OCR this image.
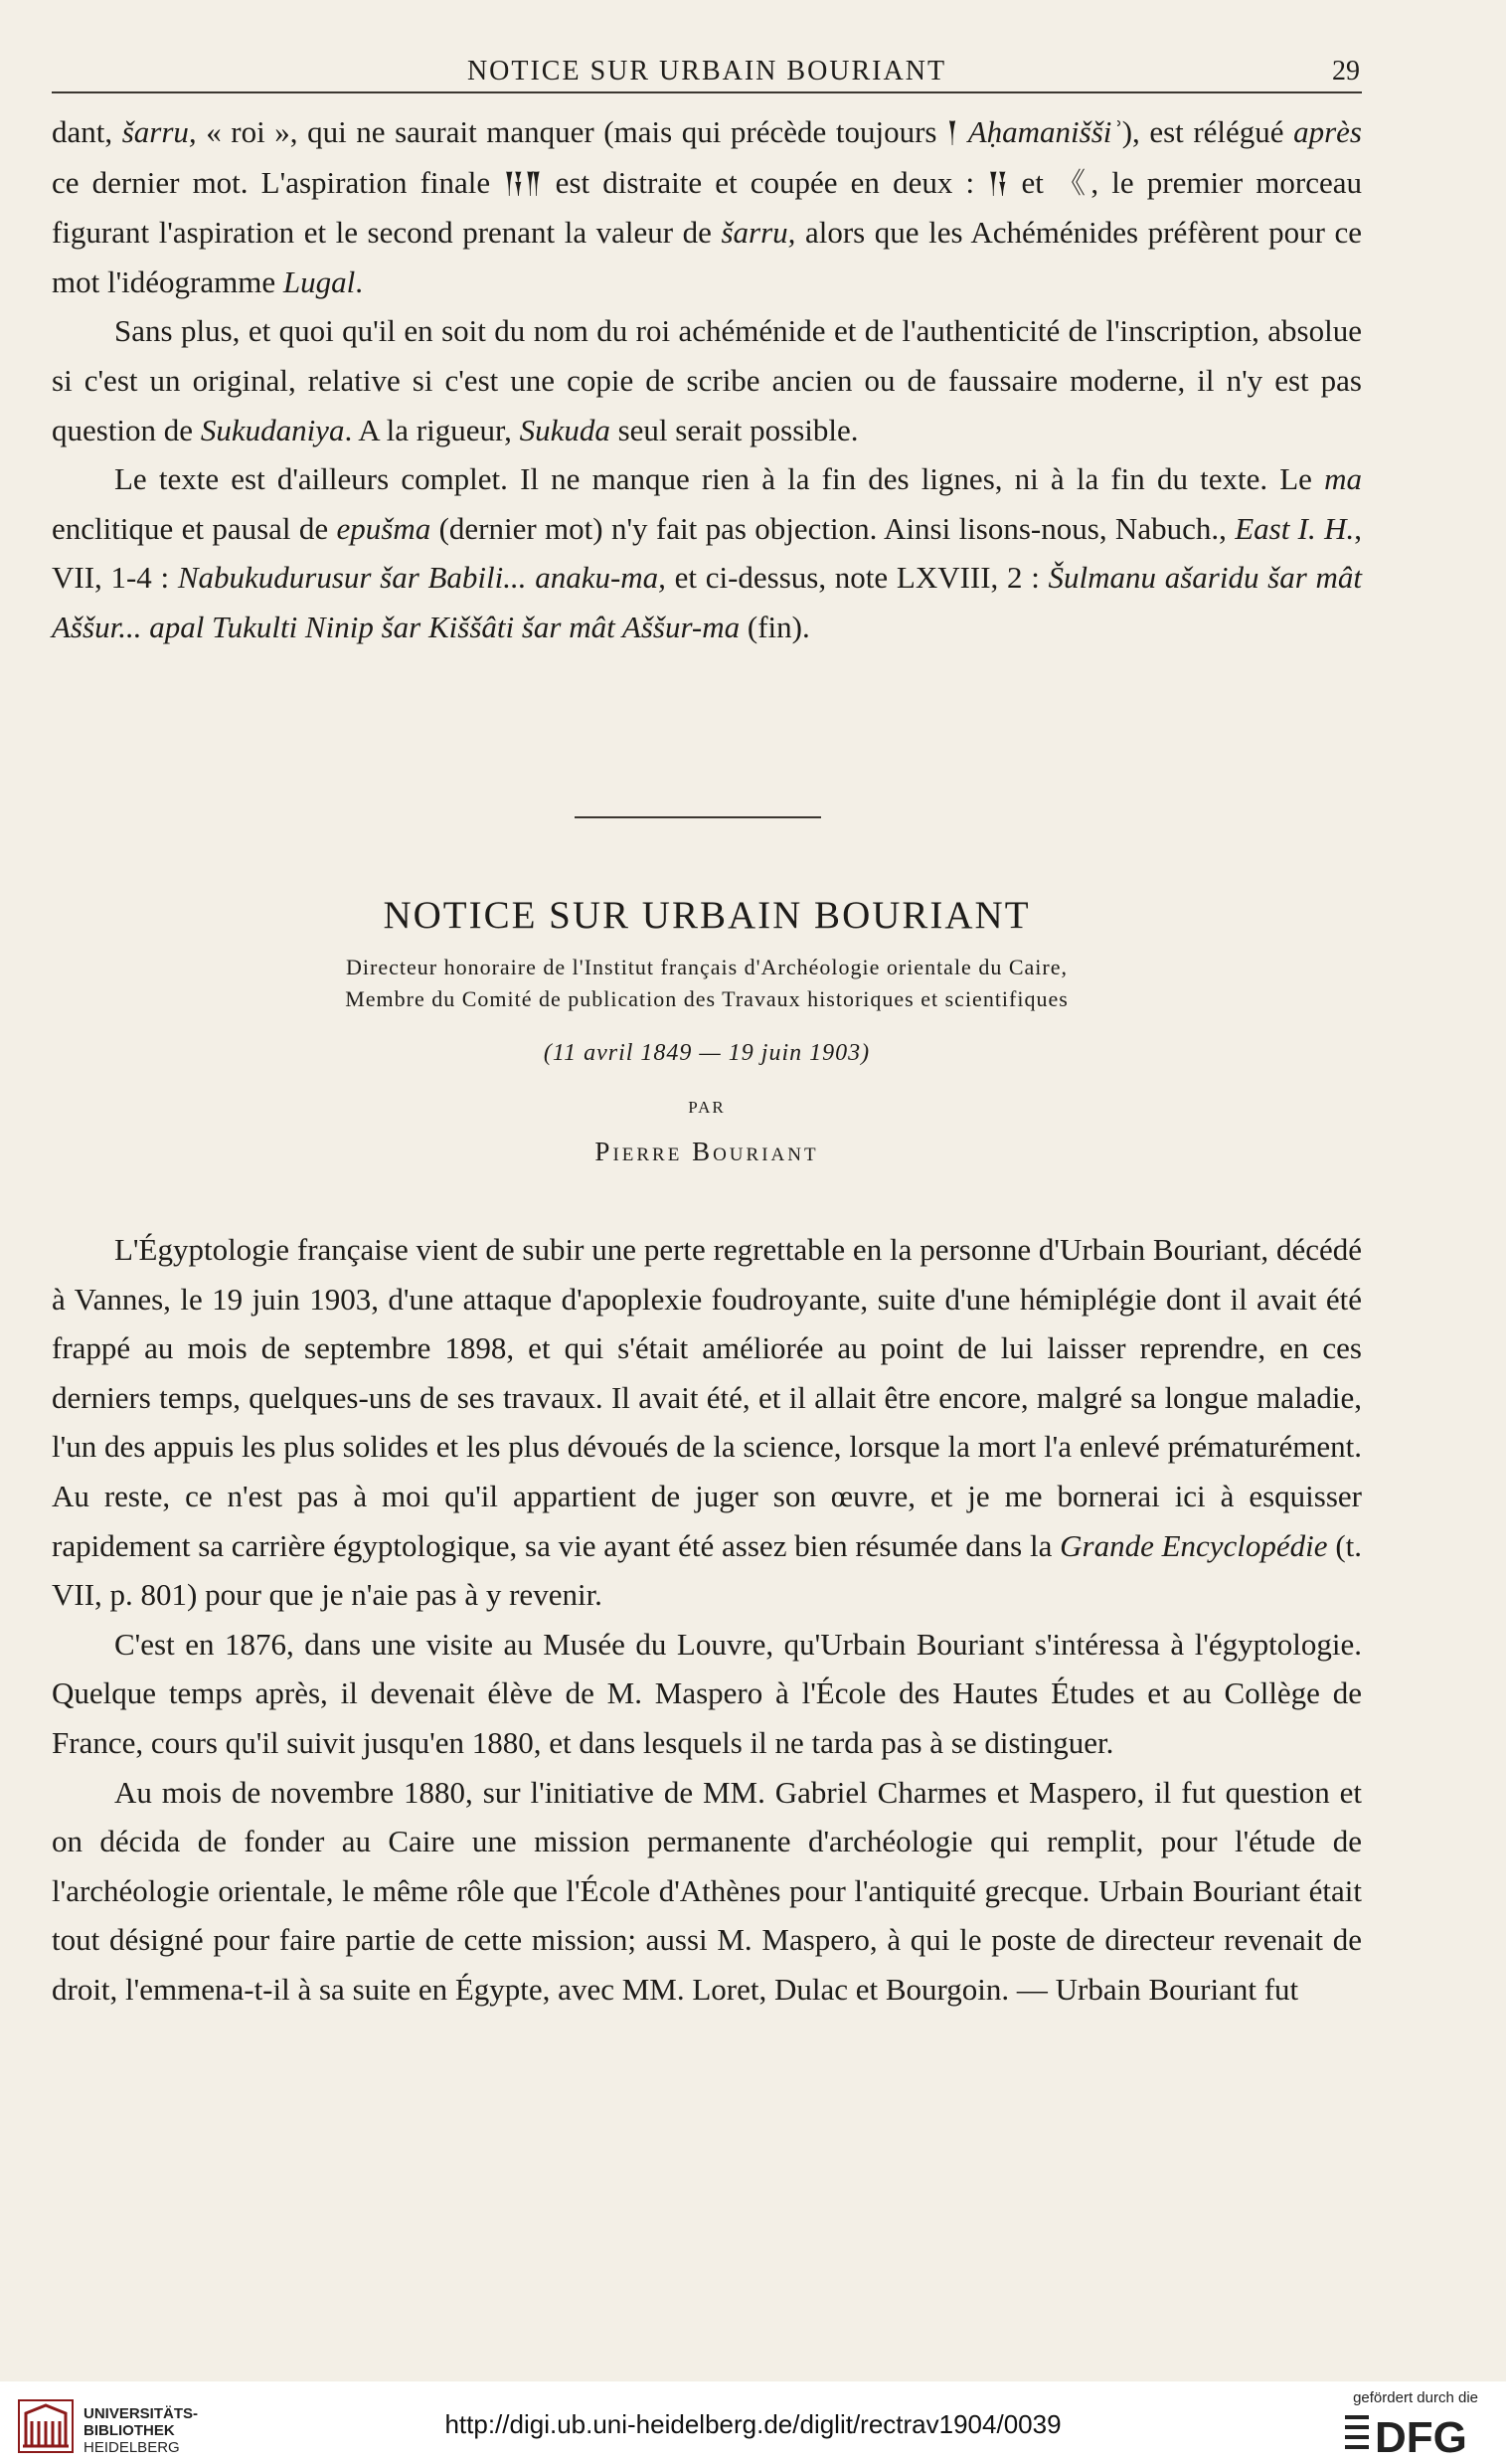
NOTICE SUR URBAIN BOURIANT	29

dant, šarru, « roi », qui ne saurait manquer (mais qui précède toujours 𒁹 Aḥamaniššiʾ), est rélégué après ce dernier mot. L'aspiration finale 𒀀𒈫 est distraite et coupée en deux : 𒀀 et 《, le premier morceau figurant l'aspiration et le second prenant la valeur de šarru, alors que les Achéménides préfèrent pour ce mot l'idéogramme Lugal.

Sans plus, et quoi qu'il en soit du nom du roi achéménide et de l'authenticité de l'inscription, absolue si c'est un original, relative si c'est une copie de scribe ancien ou de faussaire moderne, il n'y est pas question de Sukudaniya. A la rigueur, Sukuda seul serait possible.

Le texte est d'ailleurs complet. Il ne manque rien à la fin des lignes, ni à la fin du texte. Le ma enclitique et pausal de epušma (dernier mot) n'y fait pas objection. Ainsi lisons-nous, Nabuch., East I. H., VII, 1-4 : Nabukudurusur šar Babili... anaku-ma, et ci-dessus, note LXVIII, 2 : Šulmanu ašaridu šar mât Aššur... apal Tukulti Ninip šar Kiššâti šar mât Aššur-ma (fin).

NOTICE SUR URBAIN BOURIANT
Directeur honoraire de l'Institut français d'Archéologie orientale du Caire,
Membre du Comité de publication des Travaux historiques et scientifiques
(11 avril 1849 — 19 juin 1903)
PAR
Pierre Bouriant

L'Égyptologie française vient de subir une perte regrettable en la personne d'Urbain Bouriant, décédé à Vannes, le 19 juin 1903, d'une attaque d'apoplexie foudroyante, suite d'une hémiplégie dont il avait été frappé au mois de septembre 1898, et qui s'était améliorée au point de lui laisser reprendre, en ces derniers temps, quelques-uns de ses travaux. Il avait été, et il allait être encore, malgré sa longue maladie, l'un des appuis les plus solides et les plus dévoués de la science, lorsque la mort l'a enlevé prématurément. Au reste, ce n'est pas à moi qu'il appartient de juger son œuvre, et je me bornerai ici à esquisser rapidement sa carrière égyptologique, sa vie ayant été assez bien résumée dans la Grande Encyclopédie (t. VII, p. 801) pour que je n'aie pas à y revenir.

C'est en 1876, dans une visite au Musée du Louvre, qu'Urbain Bouriant s'intéressa à l'égyptologie. Quelque temps après, il devenait élève de M. Maspero à l'École des Hautes Études et au Collège de France, cours qu'il suivit jusqu'en 1880, et dans lesquels il ne tarda pas à se distinguer.

Au mois de novembre 1880, sur l'initiative de MM. Gabriel Charmes et Maspero, il fut question et on décida de fonder au Caire une mission permanente d'archéologie qui remplit, pour l'étude de l'archéologie orientale, le même rôle que l'École d'Athènes pour l'antiquité grecque. Urbain Bouriant était tout désigné pour faire partie de cette mission; aussi M. Maspero, à qui le poste de directeur revenait de droit, l'emmena-t-il à sa suite en Égypte, avec MM. Loret, Dulac et Bourgoin. — Urbain Bouriant fut

UNIVERSITÄTS-
BIBLIOTHEK
HEIDELBERG
http://digi.ub.uni-heidelberg.de/diglit/rectrav1904/0039
gefördert durch die
DFG
